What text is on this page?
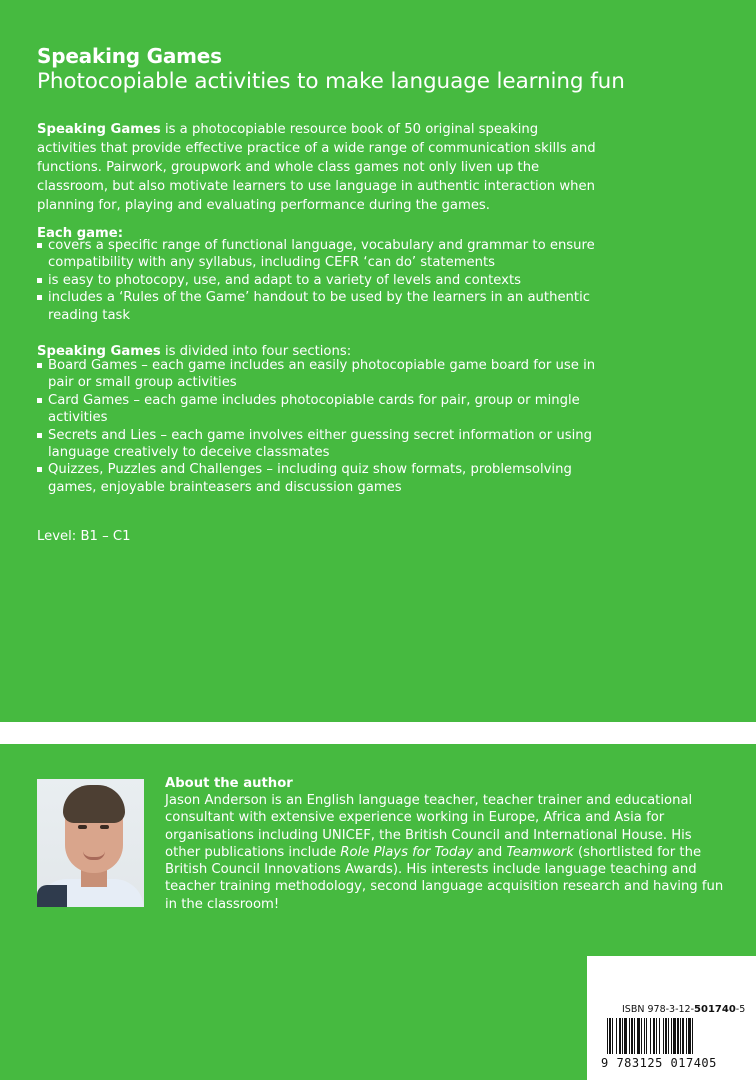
Speaking Games
Photocopiable activities to make language learning fun
Speaking Games is a photocopiable resource book of 50 original speaking activities that provide effective practice of a wide range of communication skills and functions. Pairwork, groupwork and whole class games not only liven up the classroom, but also motivate learners to use language in authentic interaction when planning for, playing and evaluating performance during the games.
Each game:
covers a specific range of functional language, vocabulary and grammar to ensure compatibility with any syllabus, including CEFR ‘can do’ statements
is easy to photocopy, use, and adapt to a variety of levels and contexts
includes a ‘Rules of the Game’ handout to be used by the learners in an authentic reading task
Speaking Games is divided into four sections:
Board Games – each game includes an easily photocopiable game board for use in pair or small group activities
Card Games – each game includes photocopiable cards for pair, group or mingle activities
Secrets and Lies – each game involves either guessing secret information or using language creatively to deceive classmates
Quizzes, Puzzles and Challenges – including quiz show formats, problemsolving games, enjoyable brainteasers and discussion games
Level: B1 – C1
About the author
Jason Anderson is an English language teacher, teacher trainer and educational consultant with extensive experience working in Europe, Africa and Asia for organisations including UNICEF, the British Council and International House. His other publications include Role Plays for Today and Teamwork (shortlisted for the British Council Innovations Awards). His interests include language teaching and teacher training methodology, second language acquisition research and having fun in the classroom!
ISBN 978-3-12-501740-5
9 783125 017405
